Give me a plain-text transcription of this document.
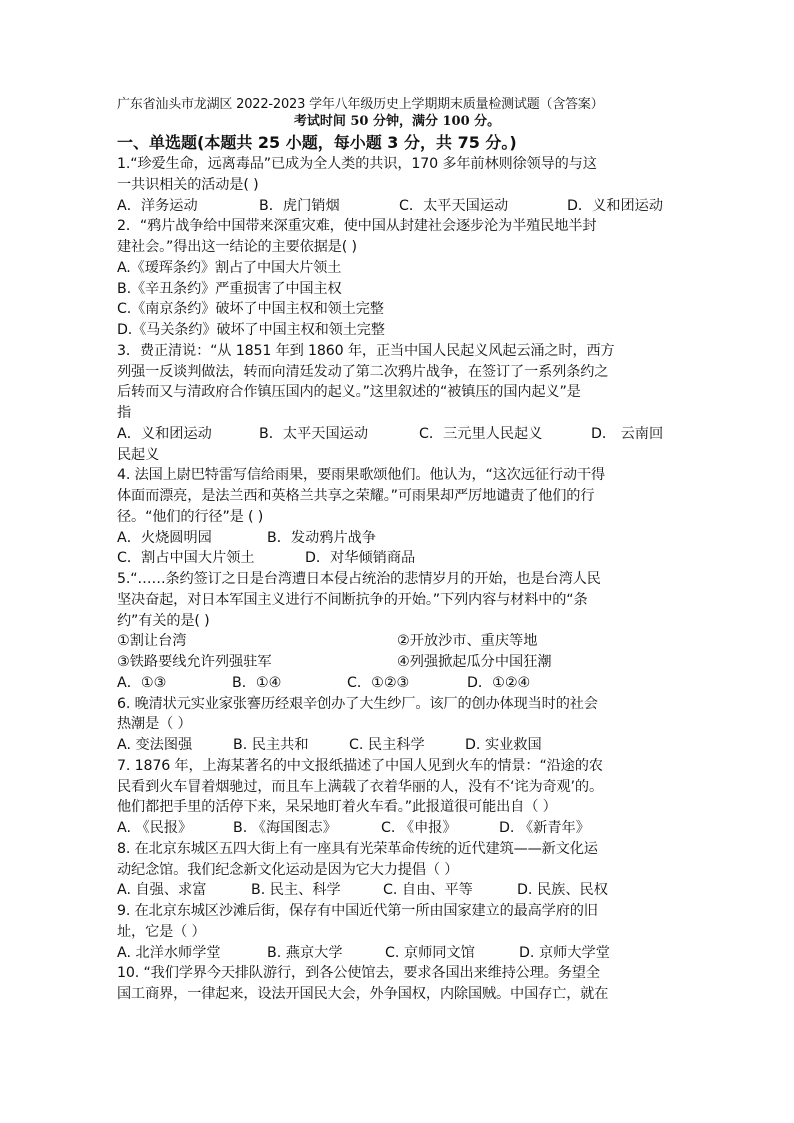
广东省汕头市龙湖区 2022-2023 学年八年级历史上学期期末质量检测试题（含答案）
考试时间 50 分钟，满分 100 分。
一、单选题(本题共 25 小题，每小题 3 分，共 75 分。)
1.“珍爱生命，远离毒品”已成为全人类的共识，170 多年前林则徐领导的与这
一共识相关的活动是( )
A．洋务运动	B．虎门销烟	C．太平天国运动	D．义和团运动
2．“鸦片战争给中国带来深重灾难，使中国从封建社会逐步沦为半殖民地半封
建社会。”得出这一结论的主要依据是( )
A.《瑷珲条约》割占了中国大片领土
B.《辛丑条约》严重损害了中国主权
C.《南京条约》破坏了中国主权和领土完整
D.《马关条约》破坏了中国主权和领土完整
3．费正清说：“从 1851 年到 1860 年，正当中国人民起义风起云涌之时，西方
列强一反谈判做法，转而向清廷发动了第二次鸦片战争，在签订了一系列条约之
后转而又与清政府合作镇压国内的起义。”这里叙述的“被镇压的国内起义”是
指
A．义和团运动	B．太平天国运动	C．三元里人民起义	D． 云南回
民起义
4. 法国上尉巴特雷写信给雨果，要雨果歌颂他们。他认为，“这次远征行动干得
体面而漂亮，是法兰西和英格兰共享之荣耀。”可雨果却严厉地谴责了他们的行
径。“他们的行径”是 ( )
A．火烧圆明园	B．发动鸦片战争
C．割占中国大片领土	D．对华倾销商品
5.“……条约签订之日是台湾遭日本侵占统治的悲情岁月的开始，也是台湾人民
坚决奋起，对日本军国主义进行不间断抗争的开始。”下列内容与材料中的“条
约”有关的是( )
①割让台湾	②开放沙市、重庆等地
③铁路要线允许列强驻军	④列强掀起瓜分中国狂潮
A．①③	B．①④	C．①②③	D．①②④
6. 晚清状元实业家张謇历经艰辛创办了大生纱厂。该厂的创办体现当时的社会
热潮是（ ）
A. 变法图强	B. 民主共和	C. 民主科学	D. 实业救国
7. 1876 年，上海某著名的中文报纸描述了中国人见到火车的情景：“沿途的农
民看到火车冒着烟驰过，而且车上满载了衣着华丽的人，没有不‘诧为奇观’的。
他们都把手里的活停下来，呆呆地盯着火车看。”此报道很可能出自（ ）
A. 《民报》	B. 《海国图志》	C. 《申报》	D. 《新青年》
8. 在北京东城区五四大街上有一座具有光荣革命传统的近代建筑——新文化运
动纪念馆。我们纪念新文化运动是因为它大力提倡（ ）
A. 自强、求富	B. 民主、科学	C. 自由、平等	D. 民族、民权
9. 在北京东城区沙滩后街，保存有中国近代第一所由国家建立的最高学府的旧
址，它是（ ）
A. 北洋水师学堂	B. 燕京大学	C. 京师同文馆	D. 京师大学堂
10. “我们学界今天排队游行，到各公使馆去，要求各国出来维持公理。务望全
国工商界，一律起来，设法开国民大会，外争国权，内除国贼。中国存亡，就在
